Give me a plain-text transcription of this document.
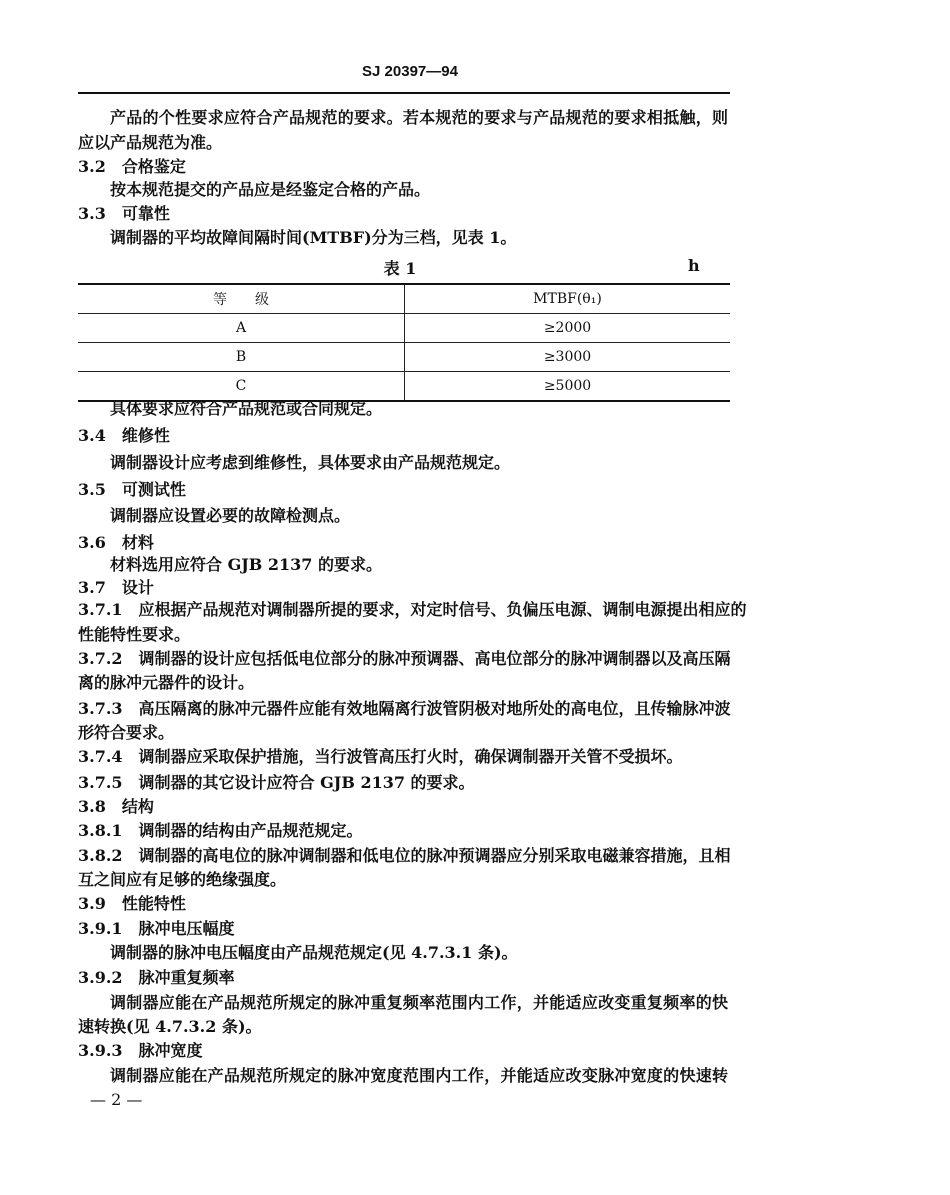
SJ 20397—94
产品的个性要求应符合产品规范的要求。若本规范的要求与产品规范的要求相抵触，则
应以产品规范为准。
3.2　合格鉴定
按本规范提交的产品应是经鉴定合格的产品。
3.3　可靠性
调制器的平均故障间隔时间(MTBF)分为三档，见表 1。
具体要求应符合产品规范或合同规定。
3.4　维修性
调制器设计应考虑到维修性，具体要求由产品规范规定。
3.5　可测试性
调制器应设置必要的故障检测点。
3.6　材料
材料选用应符合 GJB 2137 的要求。
3.7　设计
3.7.1　应根据产品规范对调制器所提的要求，对定时信号、负偏压电源、调制电源提出相应的
性能特性要求。
3.7.2　调制器的设计应包括低电位部分的脉冲预调器、高电位部分的脉冲调制器以及高压隔
离的脉冲元器件的设计。
3.7.3　高压隔离的脉冲元器件应能有效地隔离行波管阴极对地所处的高电位，且传输脉冲波
形符合要求。
3.7.4　调制器应采取保护措施，当行波管高压打火时，确保调制器开关管不受损坏。
3.7.5　调制器的其它设计应符合 GJB 2137 的要求。
3.8　结构
3.8.1　调制器的结构由产品规范规定。
3.8.2　调制器的高电位的脉冲调制器和低电位的脉冲预调器应分别采取电磁兼容措施，且相
互之间应有足够的绝缘强度。
3.9　性能特性
3.9.1　脉冲电压幅度
调制器的脉冲电压幅度由产品规范规定(见 4.7.3.1 条)。
3.9.2　脉冲重复频率
调制器应能在产品规范所规定的脉冲重复频率范围内工作，并能适应改变重复频率的快
速转换(见 4.7.3.2 条)。
3.9.3　脉冲宽度
调制器应能在产品规范所规定的脉冲宽度范围内工作，并能适应改变脉冲宽度的快速转
表 1	h
等　　级	MTBF(θ₁)
A	≥2000
B	≥3000
C	≥5000
— 2 —
